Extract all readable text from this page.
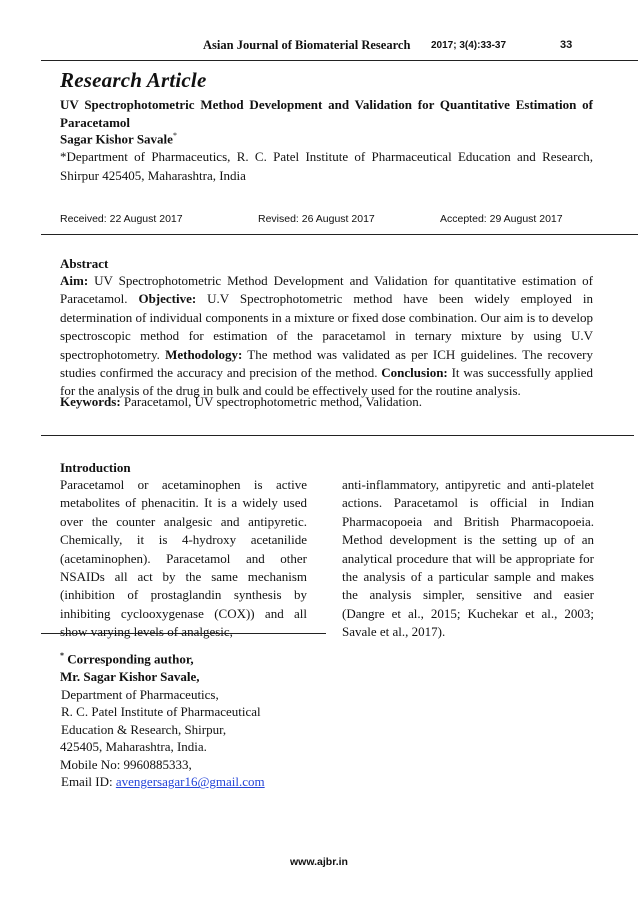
Asian Journal of Biomaterial Research 2017; 3(4):33-37	33
Research Article
UV Spectrophotometric Method Development and Validation for Quantitative Estimation of Paracetamol
Sagar Kishor Savale*
*Department of Pharmaceutics, R. C. Patel Institute of Pharmaceutical Education and Research, Shirpur 425405, Maharashtra, India
Received: 22 August 2017	Revised: 26 August 2017	Accepted: 29 August 2017
Abstract
Aim: UV Spectrophotometric Method Development and Validation for quantitative estimation of Paracetamol. Objective: U.V Spectrophotometric method have been widely employed in determination of individual components in a mixture or fixed dose combination. Our aim is to develop spectroscopic method for estimation of the paracetamol in ternary mixture by using U.V spectrophotometry. Methodology: The method was validated as per ICH guidelines. The recovery studies confirmed the accuracy and precision of the method. Conclusion: It was successfully applied for the analysis of the drug in bulk and could be effectively used for the routine analysis.
Keywords: Paracetamol, UV spectrophotometric method, Validation.
Introduction
Paracetamol or acetaminophen is active metabolites of phenacitin. It is a widely used over the counter analgesic and antipyretic. Chemically, it is 4-hydroxy acetanilide (acetaminophen). Paracetamol and other NSAIDs all act by the same mechanism (inhibition of prostaglandin synthesis by inhibiting cyclooxygenase (COX)) and all show varying levels of analgesic,
anti-inflammatory, antipyretic and anti-platelet actions. Paracetamol is official in Indian Pharmacopoeia and British Pharmacopoeia. Method development is the setting up of an analytical procedure that will be appropriate for the analysis of a particular sample and makes the analysis simpler, sensitive and easier (Dangre et al., 2015; Kuchekar et al., 2003; Savale et al., 2017).
* Corresponding author,
Mr. Sagar Kishor Savale,
Department of Pharmaceutics,
R. C. Patel Institute of Pharmaceutical
Education & Research, Shirpur,
425405, Maharashtra, India.
Mobile No: 9960885333,
Email ID: avengersagar16@gmail.com
www.ajbr.in
